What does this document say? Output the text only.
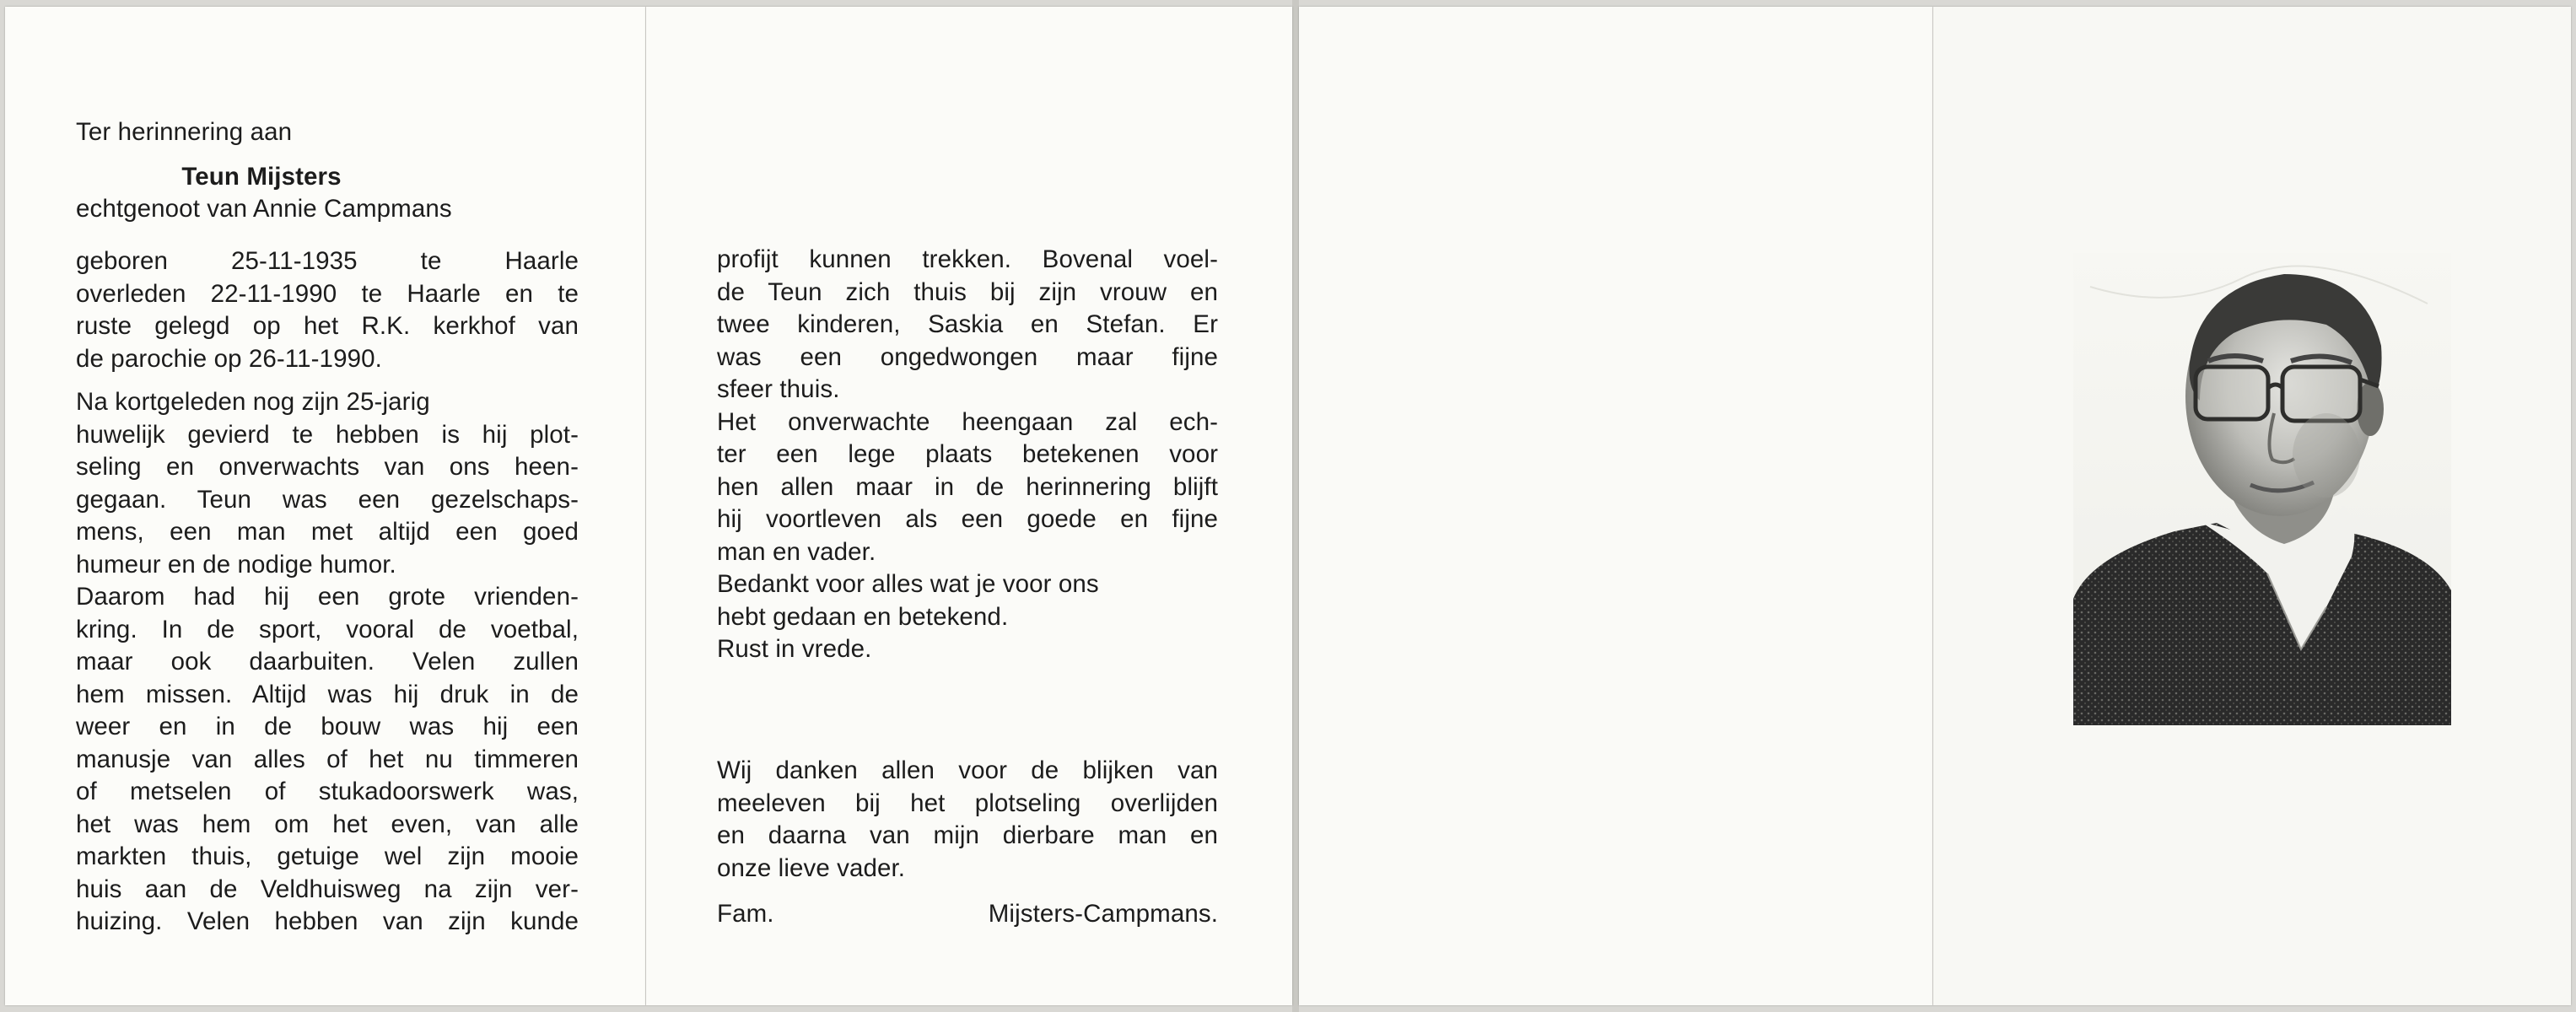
Ter herinnering aan

Teun Mijsters

echtgenoot van Annie Campmans

geboren 25-11-1935 te Haarle

overleden 22-11-1990 te Haarle en te

ruste gelegd op het R.K. kerkhof van

de parochie op 26-11-1990.

Na kortgeleden nog zijn 25-jarig

huwelijk gevierd te hebben is hij plot-

seling en onverwachts van ons heen-

gegaan. Teun was een gezelschaps-

mens, een man met altijd een goed

humeur en de nodige humor.

Daarom had hij een grote vrienden-

kring. In de sport, vooral de voetbal,

maar ook daarbuiten. Velen zullen

hem missen. Altijd was hij druk in de

weer en in de bouw was hij een

manusje van alles of het nu timmeren

of metselen of stukadoorswerk was,

het was hem om het even, van alle

markten thuis, getuige wel zijn mooie

huis aan de Veldhuisweg na zijn ver-

huizing. Velen hebben van zijn kunde

profijt kunnen trekken. Bovenal voel-

de Teun zich thuis bij zijn vrouw en

twee kinderen, Saskia en Stefan. Er

was een ongedwongen maar fijne

sfeer thuis.

Het onverwachte heengaan zal ech-

ter een lege plaats betekenen voor

hen allen maar in de herinnering blijft

hij voortleven als een goede en fijne

man en vader.

Bedankt voor alles wat je voor ons

hebt gedaan en betekend.

Rust in vrede.

Wij danken allen voor de blijken van

meeleven bij het plotseling overlijden

en daarna van mijn dierbare man en

onze lieve vader.

Fam. Mijsters-Campmans.
